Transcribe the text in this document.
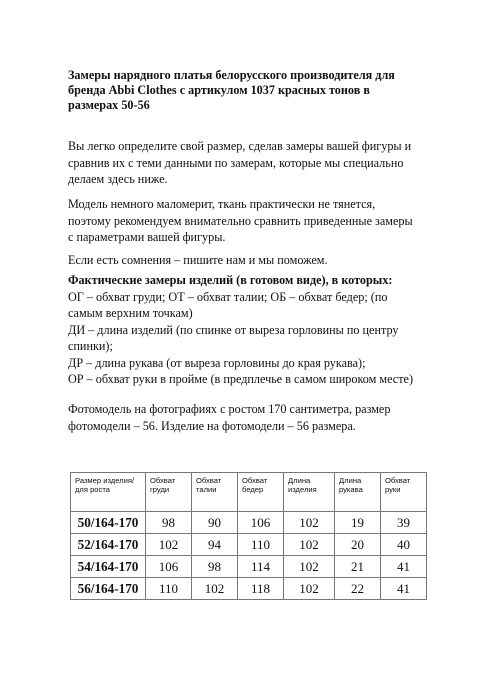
Замеры нарядного платья белорусского производителя для бренда Abbi Clothes с артикулом 1037 красных тонов в размерах 50-56
Вы легко определите свой размер, сделав замеры вашей фигуры и сравнив их с теми данными по замерам, которые мы специально делаем здесь ниже.
Модель немного маломерит, ткань практически не тянется, поэтому рекомендуем внимательно сравнить приведенные замеры с параметрами вашей фигуры.
Если есть сомнения – пишите нам и мы поможем.
Фактические замеры изделий (в готовом виде), в которых:
ОГ – обхват груди; ОТ – обхват талии; ОБ – обхват бедер; (по самым верхним точкам)
ДИ – длина изделий (по спинке от выреза горловины по центру спинки);
ДР – длина рукава (от выреза горловины до края рукава);
ОР – обхват руки в пройме (в предплечье в самом широком месте)
Фотомодель на фотографиях с ростом 170 сантиметра, размер фотомодели – 56. Изделие на фотомодели – 56 размера.
Размер изделия/для роста	Обхват груди	Обхват талии	Обхват бедер	Длина изделия	Длина рукава	Обхват руки
50/164-170	98	90	106	102	19	39
52/164-170	102	94	110	102	20	40
54/164-170	106	98	114	102	21	41
56/164-170	110	102	118	102	22	41
